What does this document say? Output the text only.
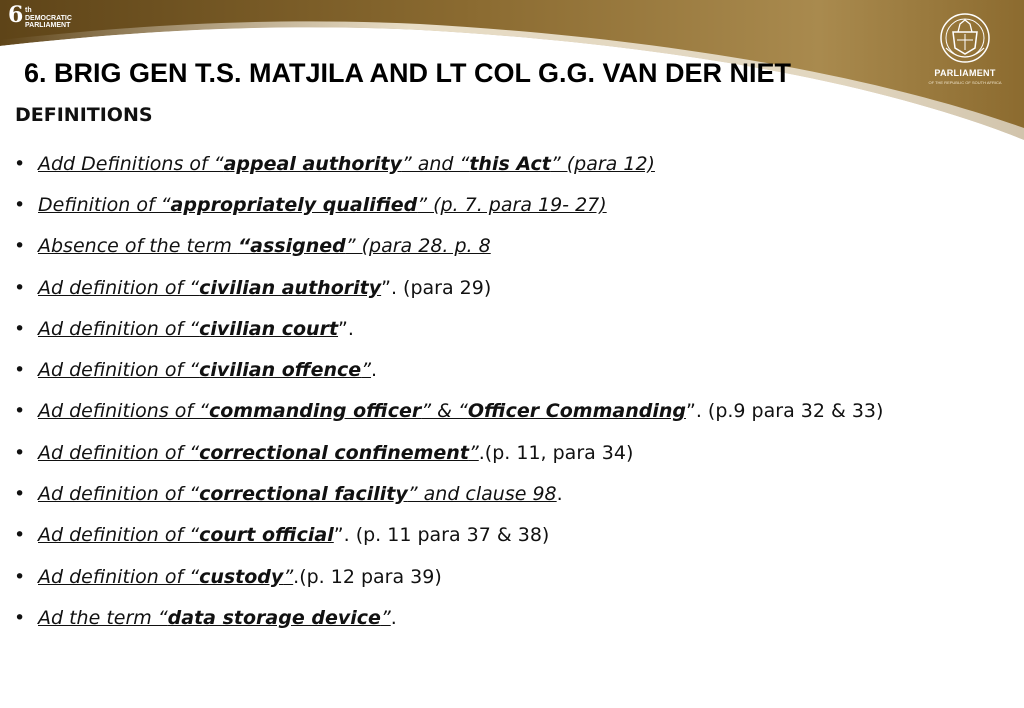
6 th
DEMOCRATIC
PARLIAMENT
PARLIAMENT
OF THE REPUBLIC OF SOUTH AFRICA
6. BRIG GEN T.S. MATJILA AND LT COL G.G. VAN DER NIET
DEFINITIONS
• Add Definitions of “appeal authority” and “this Act” (para 12)
• Definition of “appropriately qualified” (p. 7. para 19- 27)
• Absence of the term “assigned” (para 28. p. 8
• Ad definition of “civilian authority ” . (para 29)
• Ad definition of “civilian court ” .
• Ad definition of “civilian offence” .
• Ad definitions of “commanding officer” & “Officer Commanding ” . (p.9 para 32 & 33)
• Ad definition of “correctional confinement” .(p. 11, para 34)
• Ad definition of “correctional facility” and clause 98 .
• Ad definition of “court official ” . (p. 11 para 37 & 38)
• Ad definition of “custody” .(p. 12 para 39)
• Ad the term “data storage device” .
